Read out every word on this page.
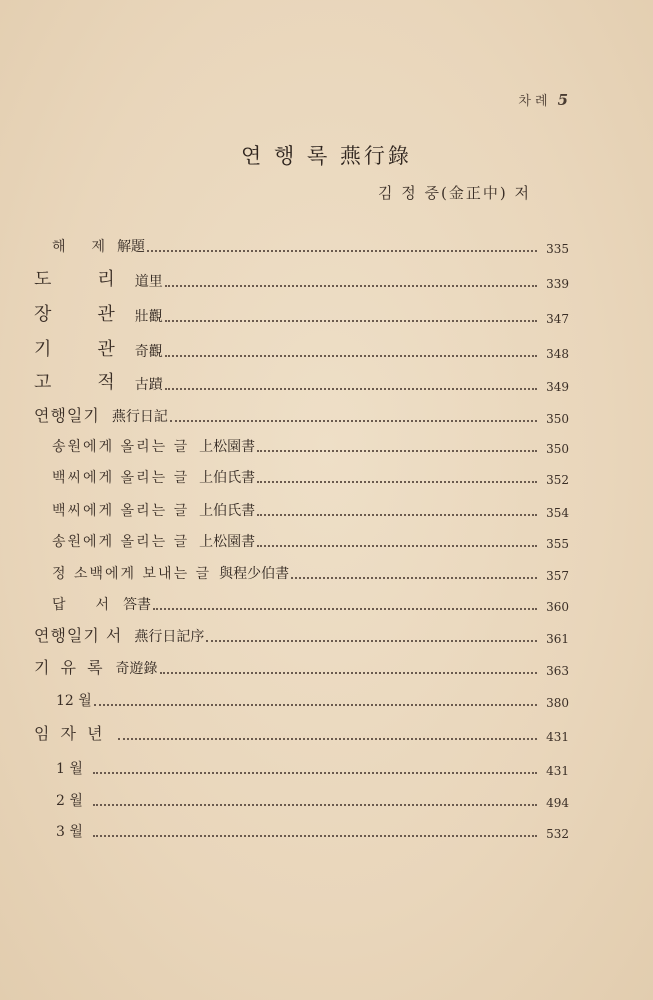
차 례 5
연 행 록 燕行錄
김 정 중(金正中) 저
해　제 解題	335
도　리 道里	339
장　관 壯觀	347
기　관 奇觀	348
고　적 古蹟	349
연행일기 燕行日記	350
송원에게 올리는 글 上松園書	350
백씨에게 올리는 글 上伯氏書	352
백씨에게 올리는 글 上伯氏書	354
송원에게 올리는 글 上松園書	355
정 소백에게 보내는 글 與程少伯書	357
답　서 答書	360
연행일기 서 燕行日記序	361
기 유 록 奇遊錄	363
12 월	380
임 자 년	431
1 월	431
2 월	494
3 월	532
